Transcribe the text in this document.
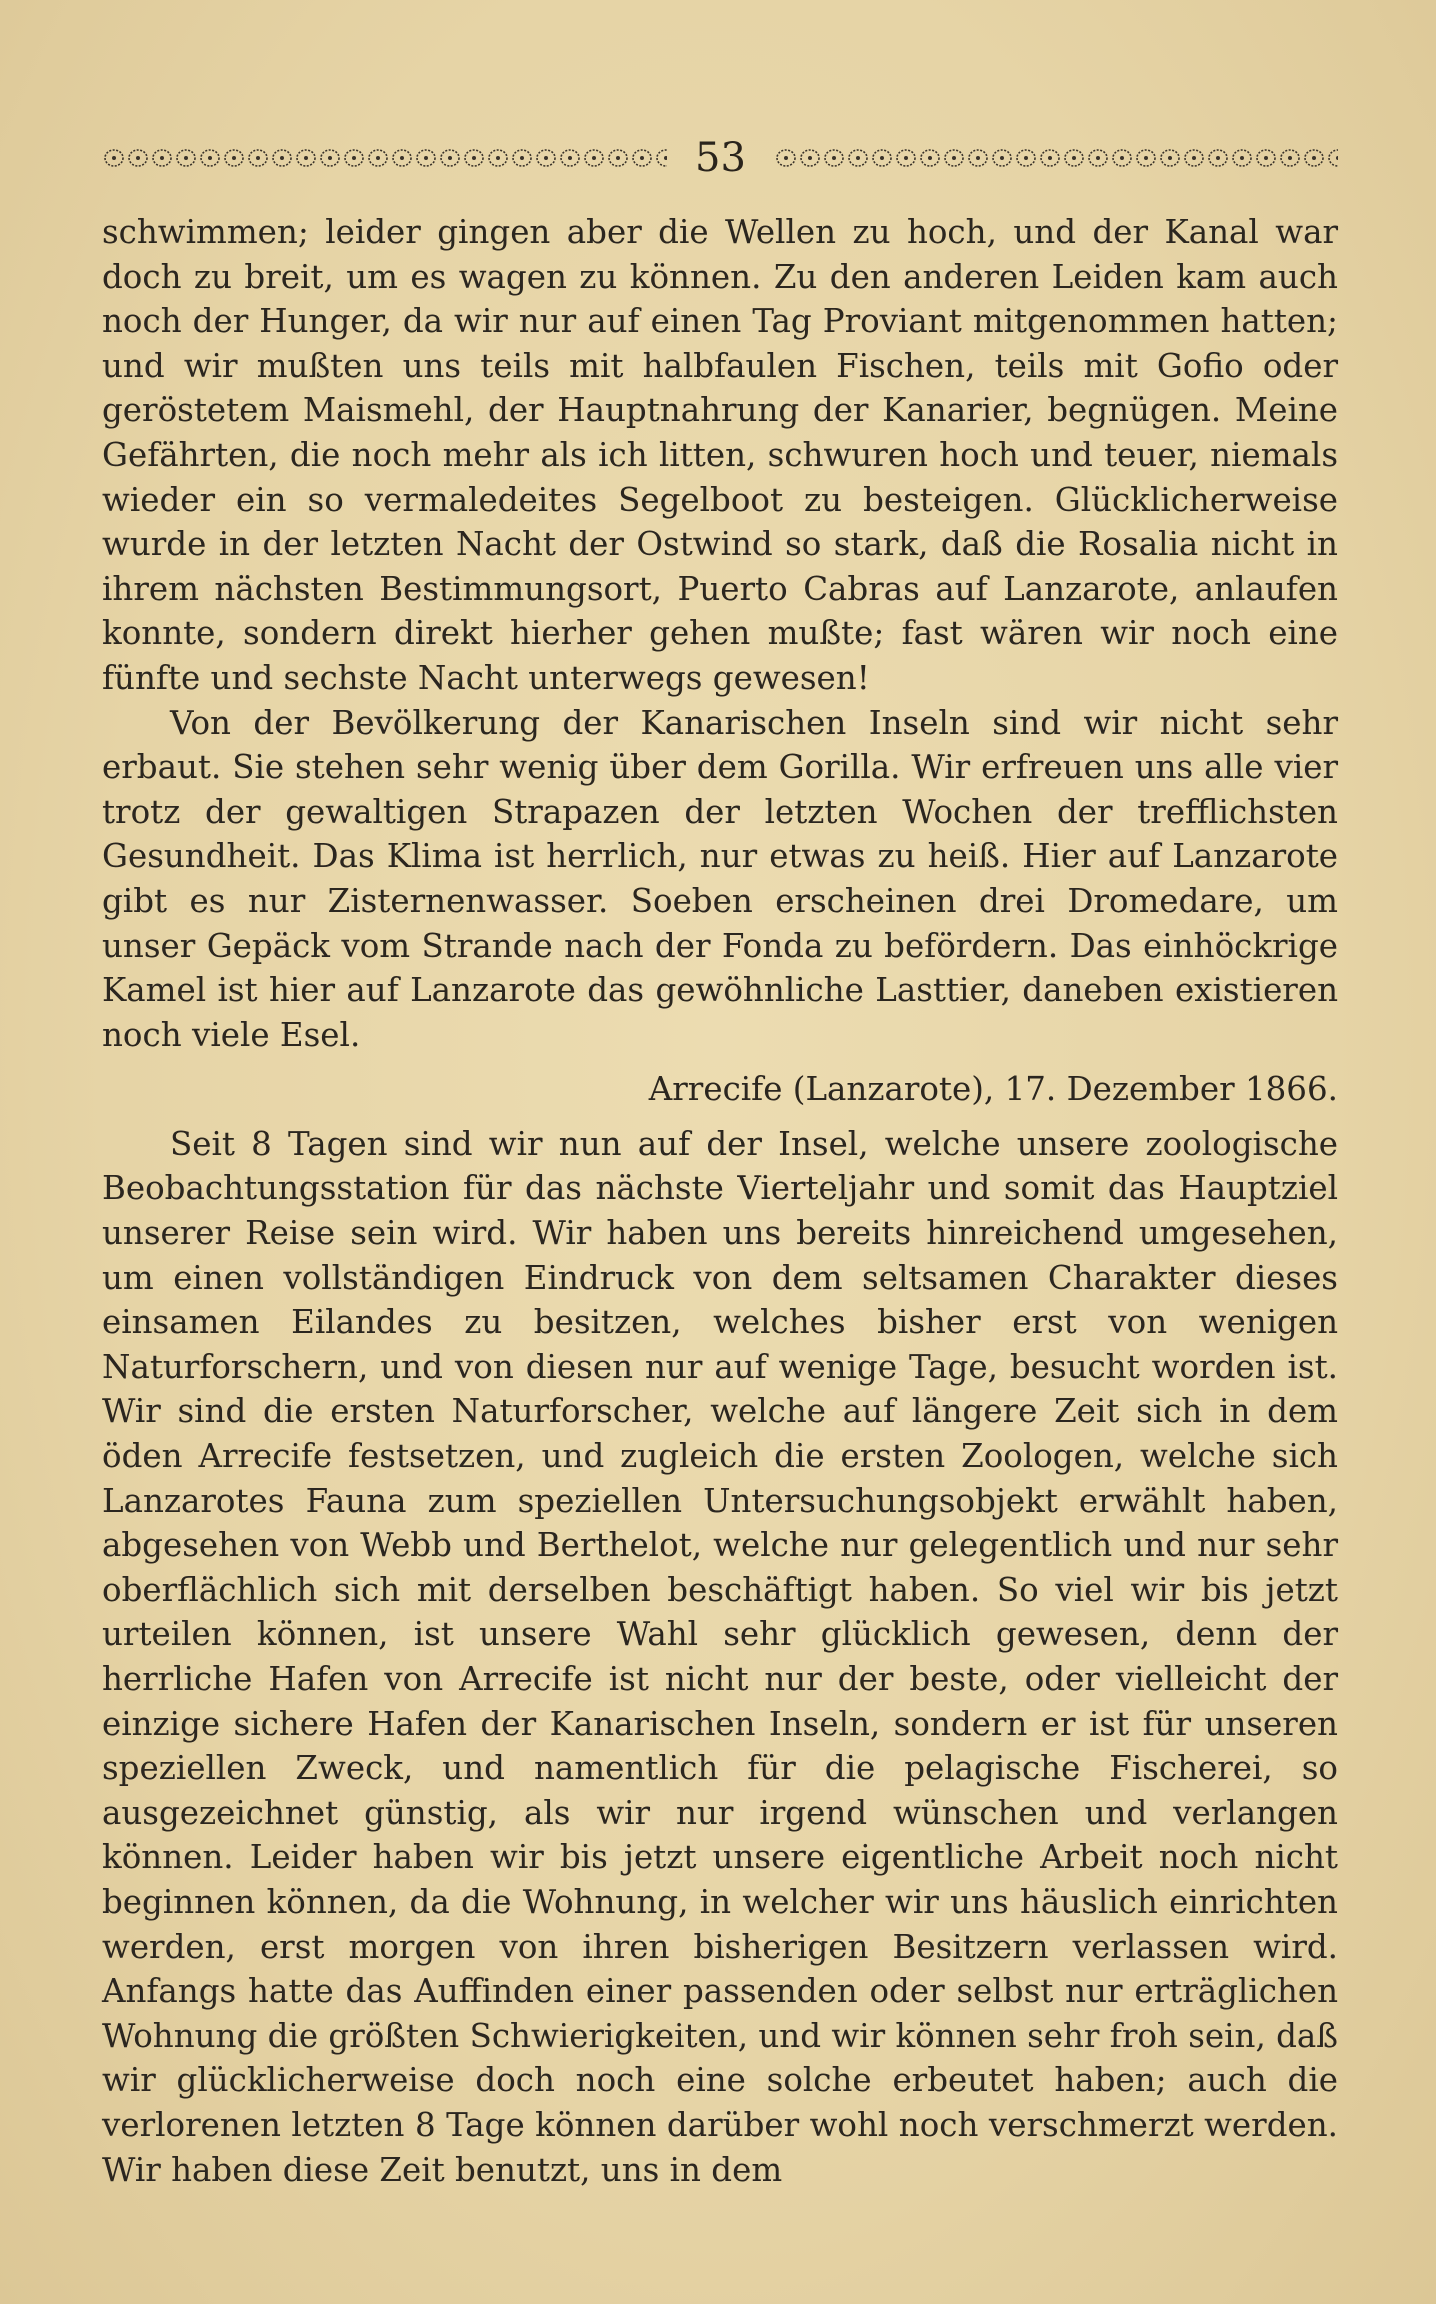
53

schwimmen; leider gingen aber die Wellen zu hoch, und der Kanal war doch zu breit, um es wagen zu können. Zu den anderen Leiden kam auch noch der Hunger, da wir nur auf einen Tag Proviant mitgenommen hatten; und wir mußten uns teils mit halbfaulen Fischen, teils mit Gofio oder geröstetem Maismehl, der Hauptnahrung der Kanarier, begnügen. Meine Gefährten, die noch mehr als ich litten, schwuren hoch und teuer, niemals wieder ein so vermaledeites Segelboot zu besteigen. Glücklicherweise wurde in der letzten Nacht der Ostwind so stark, daß die Rosalia nicht in ihrem nächsten Bestimmungsort, Puerto Cabras auf Lanzarote, anlaufen konnte, sondern direkt hierher gehen mußte; fast wären wir noch eine fünfte und sechste Nacht unterwegs gewesen!

Von der Bevölkerung der Kanarischen Inseln sind wir nicht sehr erbaut. Sie stehen sehr wenig über dem Gorilla. Wir erfreuen uns alle vier trotz der gewaltigen Strapazen der letzten Wochen der trefflichsten Gesundheit. Das Klima ist herrlich, nur etwas zu heiß. Hier auf Lanzarote gibt es nur Zisternenwasser. Soeben erscheinen drei Dromedare, um unser Gepäck vom Strande nach der Fonda zu befördern. Das einhöckrige Kamel ist hier auf Lanzarote das gewöhnliche Lasttier, daneben existieren noch viele Esel.

Arrecife (Lanzarote), 17. Dezember 1866.

Seit 8 Tagen sind wir nun auf der Insel, welche unsere zoologische Beobachtungsstation für das nächste Vierteljahr und somit das Hauptziel unserer Reise sein wird. Wir haben uns bereits hinreichend umgesehen, um einen vollständigen Eindruck von dem seltsamen Charakter dieses einsamen Eilandes zu besitzen, welches bisher erst von wenigen Naturforschern, und von diesen nur auf wenige Tage, besucht worden ist. Wir sind die ersten Naturforscher, welche auf längere Zeit sich in dem öden Arrecife festsetzen, und zugleich die ersten Zoologen, welche sich Lanzarotes Fauna zum speziellen Untersuchungsobjekt erwählt haben, abgesehen von Webb und Berthelot, welche nur gelegentlich und nur sehr oberflächlich sich mit derselben beschäftigt haben. So viel wir bis jetzt urteilen können, ist unsere Wahl sehr glücklich gewesen, denn der herrliche Hafen von Arrecife ist nicht nur der beste, oder vielleicht der einzige sichere Hafen der Kanarischen Inseln, sondern er ist für unseren speziellen Zweck, und namentlich für die pelagische Fischerei, so ausgezeichnet günstig, als wir nur irgend wünschen und verlangen können. Leider haben wir bis jetzt unsere eigentliche Arbeit noch nicht beginnen können, da die Wohnung, in welcher wir uns häuslich einrichten werden, erst morgen von ihren bisherigen Besitzern verlassen wird. Anfangs hatte das Auffinden einer passenden oder selbst nur erträglichen Wohnung die größten Schwierigkeiten, und wir können sehr froh sein, daß wir glücklicherweise doch noch eine solche erbeutet haben; auch die verlorenen letzten 8 Tage können darüber wohl noch verschmerzt werden. Wir haben diese Zeit benutzt, uns in dem
